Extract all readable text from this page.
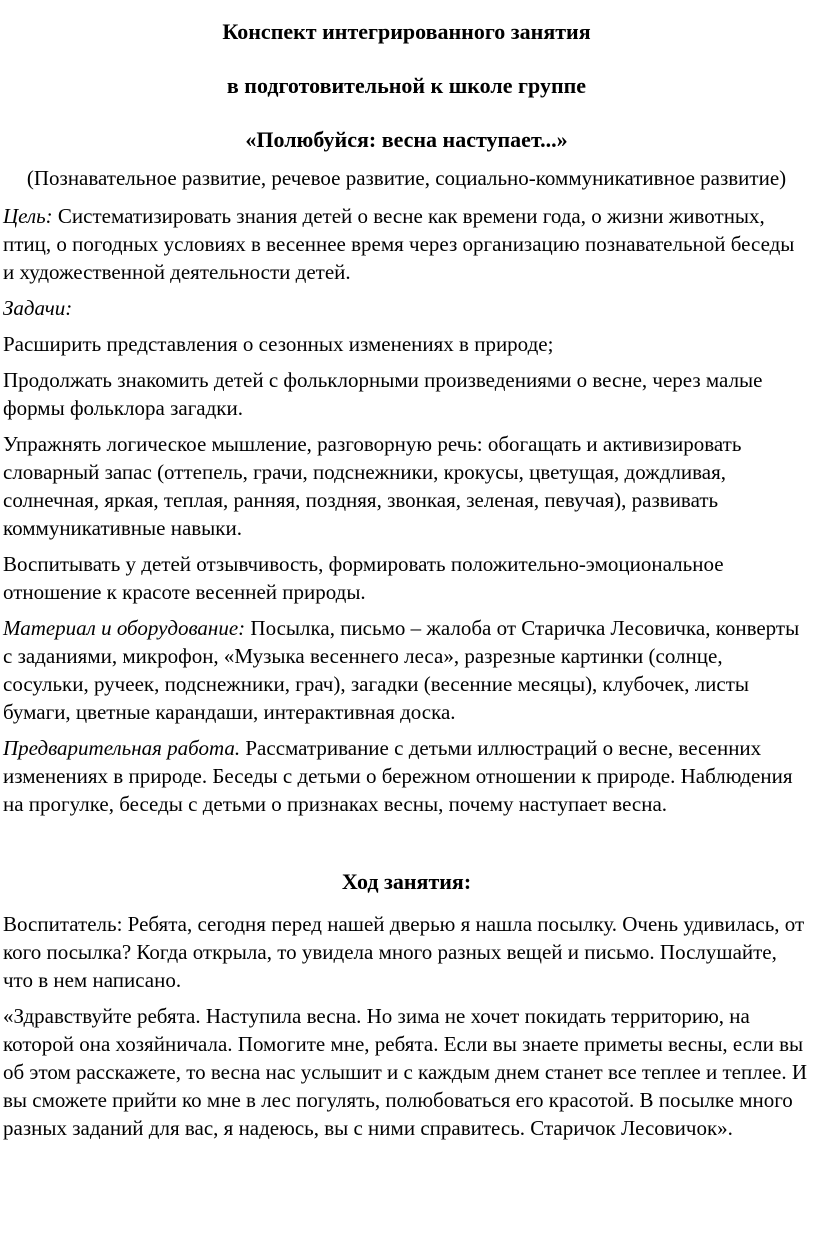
Конспект интегрированного занятия
в подготовительной к школе группе
«Полюбуйся: весна наступает...»
(Познавательное развитие, речевое развитие, социально-коммуникативное развитие)

Цель: Систематизировать знания детей о весне как времени года, о жизни животных, птиц, о погодных условиях в весеннее время через организацию познавательной беседы и художественной деятельности детей.

Задачи:

Расширить представления о сезонных изменениях в природе;

Продолжать знакомить детей с фольклорными произведениями о весне, через малые формы фольклора загадки.

Упражнять логическое мышление, разговорную речь: обогащать и активизировать словарный запас (оттепель, грачи, подснежники, крокусы, цветущая, дождливая, солнечная, яркая, теплая, ранняя, поздняя, звонкая, зеленая, певучая), развивать коммуникативные навыки.

Воспитывать у детей отзывчивость, формировать положительно-эмоциональное отношение к красоте весенней природы.

Материал и оборудование: Посылка, письмо – жалоба от Старичка Лесовичка, конверты с заданиями, микрофон, «Музыка весеннего леса», разрезные картинки (солнце, сосульки, ручеек, подснежники, грач), загадки (весенние месяцы), клубочек, листы бумаги, цветные карандаши, интерактивная доска.

Предварительная работа. Рассматривание с детьми иллюстраций о весне, весенних изменениях в природе. Беседы с детьми о бережном отношении к природе. Наблюдения на прогулке, беседы с детьми о признаках весны, почему наступает весна.

Ход занятия:

Воспитатель: Ребята, сегодня перед нашей дверью я нашла посылку. Очень удивилась, от кого посылка? Когда открыла, то увидела много разных вещей и письмо. Послушайте, что в нем написано.

«Здравствуйте ребята. Наступила весна. Но зима не хочет покидать территорию, на которой она хозяйничала. Помогите мне, ребята. Если вы знаете приметы весны, если вы об этом расскажете, то весна нас услышит и с каждым днем станет все теплее и теплее. И вы сможете прийти ко мне в лес погулять, полюбоваться его красотой. В посылке много разных заданий для вас, я надеюсь, вы с ними справитесь. Старичок Лесовичок».
